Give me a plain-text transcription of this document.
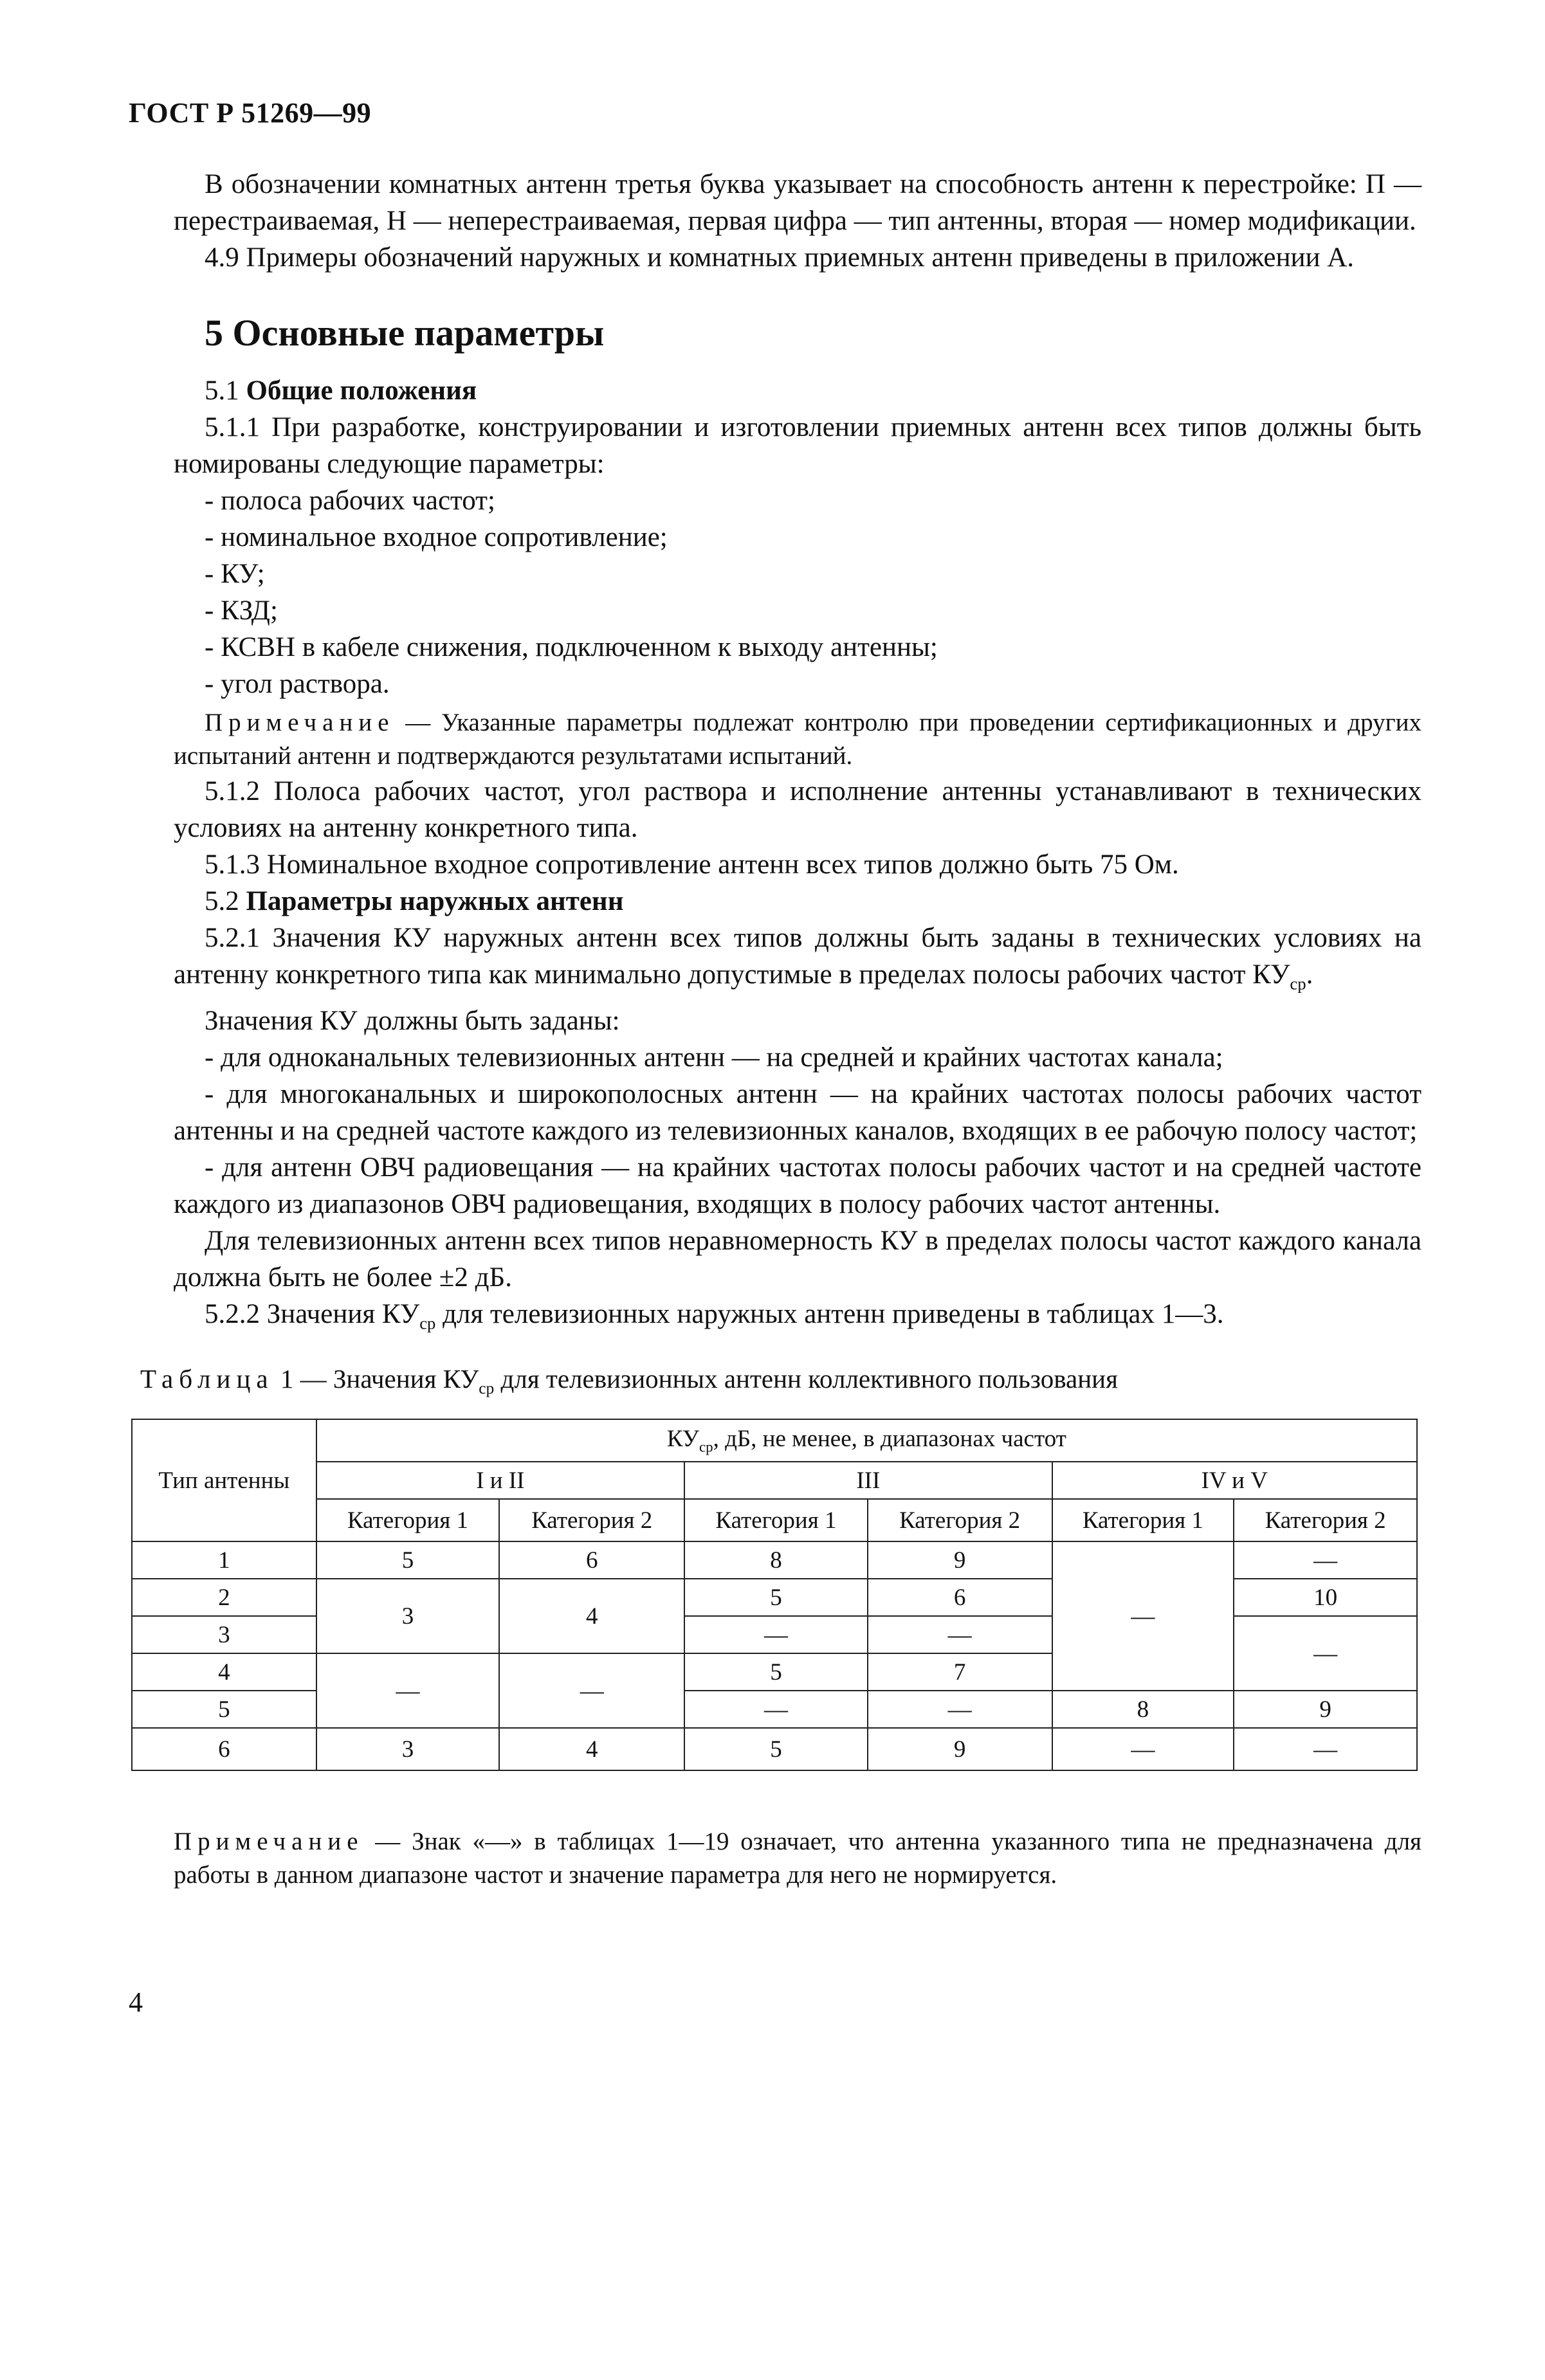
ГОСТ Р 51269—99

В обозначении комнатных антенн третья буква указывает на способность антенн к перестройке: П — перестраиваемая, Н — неперестраиваемая, первая цифра — тип антенны, вторая — номер модификации.

4.9 Примеры обозначений наружных и комнатных приемных антенн приведены в приложении А.

5 Основные параметры

5.1 Общие положения

5.1.1 При разработке, конструировании и изготовлении приемных антенн всех типов должны быть номированы следующие параметры:

- полоса рабочих частот;

- номинальное входное сопротивление;

- КУ;

- КЗД;

- КСВН в кабеле снижения, подключенном к выходу антенны;

- угол раствора.

Примечание — Указанные параметры подлежат контролю при проведении сертификационных и других испытаний антенн и подтверждаются результатами испытаний.

5.1.2 Полоса рабочих частот, угол раствора и исполнение антенны устанавливают в технических условиях на антенну конкретного типа.

5.1.3 Номинальное входное сопротивление антенн всех типов должно быть 75 Ом.

5.2 Параметры наружных антенн

5.2.1 Значения КУ наружных антенн всех типов должны быть заданы в технических условиях на антенну конкретного типа как минимально допустимые в пределах полосы рабочих частот $КУ_{ср}$.

Значения КУ должны быть заданы:

- для одноканальных телевизионных антенн — на средней и крайних частотах канала;

- для многоканальных и широкополосных антенн — на крайних частотах полосы рабочих частот антенны и на средней частоте каждого из телевизионных каналов, входящих в ее рабочую полосу частот;

- для антенн ОВЧ радиовещания — на крайних частотах полосы рабочих частот и на средней частоте каждого из диапазонов ОВЧ радиовещания, входящих в полосу рабочих частот антенны.

Для телевизионных антенн всех типов неравномерность КУ в пределах полосы частот каждого канала должна быть не более ±2 дБ.

5.2.2 Значения $КУ_{ср}$ для телевизионных наружных антенн приведены в таблицах 1—3.

Таблица 1 — Значения $КУ_{ср}$ для телевизионных антенн коллективного пользования
Тип антенны	$КУ_{ср}$, дБ, не менее, в диапазонах частот					
	I и II		III		IV и V	
	Категория 1	Категория 2	Категория 1	Категория 2	Категория 1	Категория 2
1	5	6	8	9	—	—
2	3	4	5	6		10
3			—	—		—
4	—	—	5	7		
5			—	—	8	9
6	3	4	5	9	—	—
Примечание — Знак «—» в таблицах 1—19 означает, что антенна указанного типа не предназначена для работы в данном диапазоне частот и значение параметра для него не нормируется.
4
